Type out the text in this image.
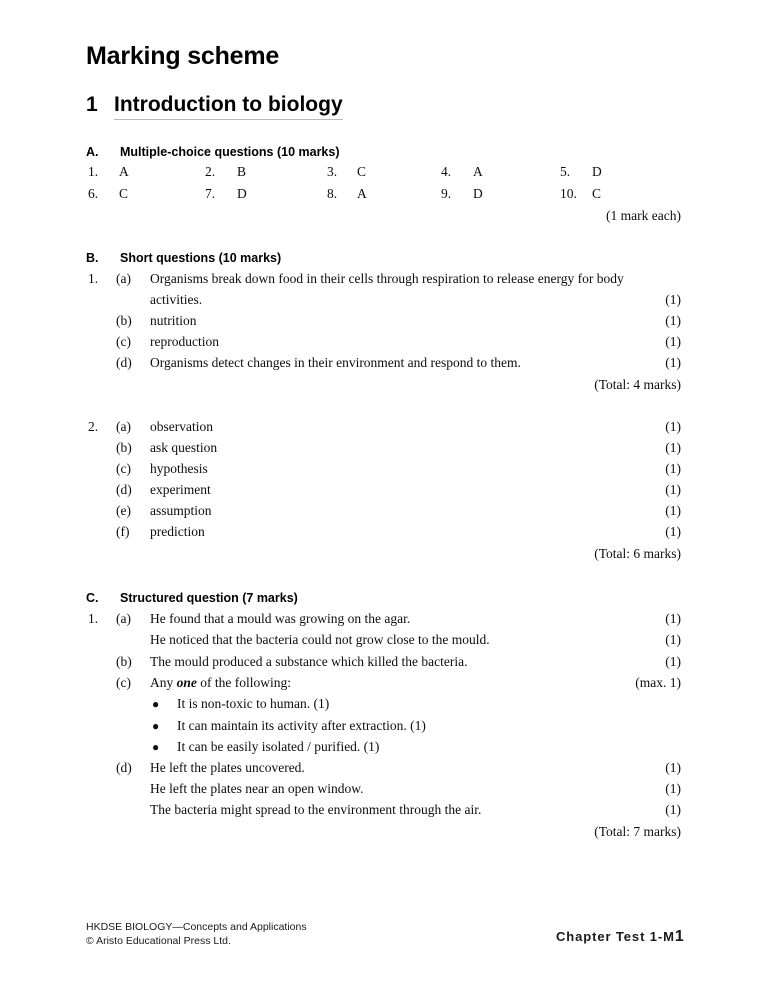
Marking scheme
1 Introduction to biology
A. Multiple-choice questions (10 marks)
1. A	2. B	3. C	4. A	5. D
6. C	7. D	8. A	9. D	10. C
(1 mark each)
B. Short questions (10 marks)
1.	(a)	Organisms break down food in their cells through respiration to release energy for body
activities.	(1)
(b)	nutrition	(1)
(c)	reproduction	(1)
(d)	Organisms detect changes in their environment and respond to them.	(1)
(Total: 4 marks)
2.	(a)	observation	(1)
(b)	ask question	(1)
(c)	hypothesis	(1)
(d)	experiment	(1)
(e)	assumption	(1)
(f)	prediction	(1)
(Total: 6 marks)
C. Structured question (7 marks)
1.	(a)	He found that a mould was growing on the agar.	(1)
He noticed that the bacteria could not grow close to the mould.	(1)
(b)	The mould produced a substance which killed the bacteria.	(1)
(c)	Any one of the following:	(max. 1)
● It is non-toxic to human. (1)
● It can maintain its activity after extraction. (1)
● It can be easily isolated / purified. (1)
(d)	He left the plates uncovered.	(1)
He left the plates near an open window.	(1)
The bacteria might spread to the environment through the air.	(1)
(Total: 7 marks)
HKDSE BIOLOGY—Concepts and Applications
© Aristo Educational Press Ltd.	Chapter Test 1-M1
